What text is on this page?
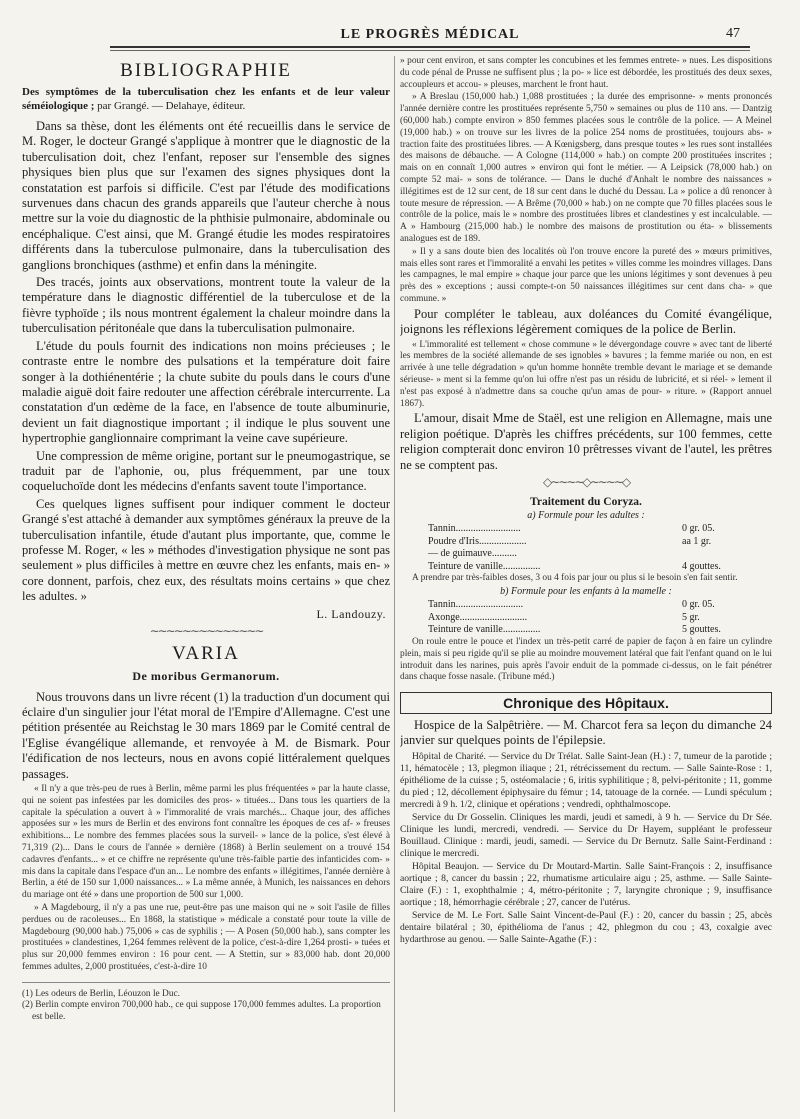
LE PROGRÈS MÉDICAL	47
BIBLIOGRAPHIE
Des symptômes de la tuberculisation chez les enfants et de leur valeur séméiologique ; par Grangé. — Delahaye, éditeur.
Dans sa thèse, dont les éléments ont été recueillis dans le service de M. Roger, le docteur Grangé s'applique à montrer que le diagnostic de la tuberculisation doit, chez l'enfant, reposer sur l'ensemble des signes physiques bien plus que sur l'examen des signes physiques dont la constatation est parfois si difficile. C'est par l'étude des modifications survenues dans chacun des grands appareils que l'auteur cherche à nous mettre sur la voie du diagnostic de la phthisie pulmonaire, abdominale ou encéphalique. C'est ainsi, que M. Grangé étudie les modes respiratoires différents dans la tuberculose pulmonaire, dans la tuberculisation des ganglions bronchiques (asthme) et enfin dans la méningite.
Des tracés, joints aux observations, montrent toute la valeur de la température dans le diagnostic différentiel de la tuberculose et de la fièvre typhoïde ; ils nous montrent également la chaleur moindre dans la tuberculisation péritonéale que dans la tuberculisation pulmonaire.
L'étude du pouls fournit des indications non moins précieuses ; le contraste entre le nombre des pulsations et la température doit faire songer à la dothiénentérie ; la chute subite du pouls dans le cours d'une maladie aiguë doit faire redouter une affection cérébrale intercurrente. La constatation d'un œdème de la face, en l'absence de toute albuminurie, devient un fait diagnostique important ; il indique le plus souvent une hypertrophie ganglionnaire comprimant la veine cave supérieure.
Une compression de même origine, portant sur le pneumogastrique, se traduit par de l'aphonie, ou, plus fréquemment, par une toux coqueluchoïde dont les médecins d'enfants savent toute l'importance.
Ces quelques lignes suffisent pour indiquer comment le docteur Grangé s'est attaché à demander aux symptômes généraux la preuve de la tuberculisation infantile, étude d'autant plus importante, que, comme le professe M. Roger, « les » méthodes d'investigation physique ne sont pas seulement » plus difficiles à mettre en œuvre chez les enfants, mais en- » core donnent, parfois, chez eux, des résultats moins certains » que chez les adultes. »
L. Landouzy.
∼∼∼∼∼∼∼∼∼∼∼∼∼∼
VARIA
De moribus Germanorum.
Nous trouvons dans un livre récent (1) la traduction d'un document qui éclaire d'un singulier jour l'état moral de l'Empire d'Allemagne. C'est une pétition présentée au Reichstag le 30 mars 1869 par le Comité central de l'Eglise évangélique allemande, et renvoyée à M. de Bismark. Pour l'édification de nos lecteurs, nous en avons copié littéralement quelques passages.
« Il n'y a que très-peu de rues à Berlin, même parmi les plus fréquentées » par la haute classe, qui ne soient pas infestées par les domiciles des pros- » tituées... Dans tous les quartiers de la capitale la spéculation a ouvert à » l'immoralité de vrais marchés... Chaque jour, des affiches apposées sur » les murs de Berlin et des environs font connaître les époques de ces af- » freuses exhibitions... Le nombre des femmes placées sous la surveil- » lance de la police, s'est élevé à 71,319 (2)... Dans le cours de l'année » dernière (1868) à Berlin seulement on a trouvé 154 cadavres d'enfants... » et ce chiffre ne représente qu'une très-faible partie des infanticides com- » mis dans la capitale dans l'espace d'un an... Le nombre des enfants » illégitimes, l'année dernière à Berlin, a été de 150 sur 1,000 naissances... » La même année, à Munich, les naissances en dehors du mariage ont été » dans une proportion de 500 sur 1,000.
» A Magdebourg, il n'y a pas une rue, peut-être pas une maison qui ne » soit l'asile de filles perdues ou de racoleuses... En 1868, la statistique » médicale a constaté pour toute la ville de Magdebourg (90,000 hab.) 75,006 » cas de syphilis ; — A Posen (50,000 hab.), sans compter les prostituées » clandestines, 1,264 femmes relèvent de la police, c'est-à-dire 1,264 prosti- » tuées et plus sur 20,000 femmes environ : 16 pour cent. — A Stettin, sur » 83,000 hab. dont 20,000 femmes adultes, 2,000 prostituées, c'est-à-dire 10
(1) Les odeurs de Berlin, Léouzon le Duc.
(2) Berlin compte environ 700,000 hab., ce qui suppose 170,000 femmes adultes. La proportion est belle.
» pour cent environ, et sans compter les concubines et les femmes entrete- » nues. Les dispositions du code pénal de Prusse ne suffisent plus ; la po- » lice est débordée, les prostitués des deux sexes, accoupleurs et accou- » pleuses, marchent le front haut.
» A Breslau (150,000 hab.) 1,088 prostituées ; la durée des emprisonne- » ments prononcés l'année dernière contre les prostituées représente 5,750 » semaines ou plus de 110 ans. — Dantzig (60,000 hab.) compte environ » 850 femmes placées sous le contrôle de la police. — A Meinel (19,000 hab.) » on trouve sur les livres de la police 254 noms de prostituées, toujours abs- » traction faite des prostituées libres. — A Kœnigsberg, dans presque toutes » les rues sont installées des maisons de débauche. — A Cologne (114,000 » hab.) on compte 200 prostituées inscrites ; mais on en connaît 1,000 autres » environ qui font le métier. — A Leipsick (78,000 hab.) on compte 52 mai- » sons de tolérance. — Dans le duché d'Anhalt le nombre des naissances » illégitimes est de 12 sur cent, de 18 sur cent dans le duché du Dessau. La » police a dû renoncer à toute mesure de répression. — A Brême (70,000 » hab.) on ne compte que 70 filles placées sous le contrôle de la police, mais le » nombre des prostituées libres et clandestines y est incalculable. — A » Hambourg (215,000 hab.) le nombre des maisons de prostitution ou éta- » blissements analogues est de 189.
» Il y a sans doute bien des localités où l'on trouve encore la pureté des » mœurs primitives, mais elles sont rares et l'immoralité a envahi les petites » villes comme les moindres villages. Dans les campagnes, le mal empire » chaque jour parce que les unions légitimes y sont devenues à peu près des » exceptions ; aussi compte-t-on 50 naissances illégitimes sur cent dans cha- » que commune. »
Pour compléter le tableau, aux doléances du Comité évangélique, joignons les réflexions légèrement comiques de la police de Berlin.
« L'immoralité est tellement « chose commune » le dévergondage couvre » avec tant de liberté les membres de la société allemande de ses ignobles » bavures ; la femme mariée ou non, en est arrivée à une telle dégradation » qu'un homme honnête tremble devant le mariage et se demande sérieuse- » ment si la femme qu'on lui offre n'est pas un résidu de lubricité, et si réel- » lement il n'est pas exposé à n'admettre dans sa couche qu'un amas de pour- » riture. » (Rapport annuel 1867).
L'amour, disait Mme de Staël, est une religion en Allemagne, mais une religion poétique. D'après les chiffres précédents, sur 100 femmes, cette religion compterait donc environ 10 prêtresses vivant de l'autel, les prêtres ne se comptent pas.
◇∼∼∼∼◇∼∼∼∼◇
Traitement du Coryza.
a) Formule pour les adultes :
Tannin..........................	0 gr. 05.
Poudre d'Iris...................	aa 1 gr.
— de guimauve..........
Teinture de vanille...............	4 gouttes.
A prendre par très-faibles doses, 3 ou 4 fois par jour ou plus si le besoin s'en fait sentir.
b) Formule pour les enfants à la mamelle :
Tannin...........................	0 gr. 05.
Axonge...........................	5 gr.
Teinture de vanille...............	5 gouttes.
On roule entre le pouce et l'index un très-petit carré de papier de façon à en faire un cylindre plein, mais si peu rigide qu'il se plie au moindre mouvement latéral que fait l'enfant quand on le lui introduit dans les narines, puis après l'avoir enduit de la pommade ci-dessus, on le fait pénétrer dans chaque fosse nasale. (Tribune méd.)
Chronique des Hôpitaux.
Hospice de la Salpêtrière. — M. Charcot fera sa leçon du dimanche 24 janvier sur quelques points de l'épilepsie.
Hôpital de Charité. — Service du Dr Trélat. Salle Saint-Jean (H.) : 7, tumeur de la parotide ; 11, hématocèle ; 13, plegmon iliaque ; 21, rétrécissement du rectum. — Salle Sainte-Rose : 1, épithéliome de la cuisse ; 5, ostéomalacie ; 6, iritis syphilitique ; 8, pelvi-péritonite ; 11, gomme du pied ; 12, décollement épiphysaire du fémur ; 14, tatouage de la cornée. — Lundi spéculum ; mercredi à 9 h. 1/2, clinique et opérations ; vendredi, ophthalmoscope.
Service du Dr Gosselin. Cliniques les mardi, jeudi et samedi, à 9 h. — Service du Dr Sée. Clinique les lundi, mercredi, vendredi. — Service du Dr Hayem, suppléant le professeur Bouillaud. Clinique : mardi, jeudi, samedi. — Service du Dr Bernutz. Salle Saint-Ferdinand : clinique le mercredi.
Hôpital Beaujon. — Service du Dr Moutard-Martin. Salle Saint-François : 2, insuffisance aortique ; 8, cancer du bassin ; 22, rhumatisme articulaire aigu ; 25, asthme. — Salle Sainte-Claire (F.) : 1, exophthalmie ; 4, métro-péritonite ; 7, laryngite chronique ; 9, insuffisance aortique ; 18, hémorrhagie cérébrale ; 27, cancer de l'utérus.
Service de M. Le Fort. Salle Saint Vincent-de-Paul (F.) : 20, cancer du bassin ; 25, abcès dentaire bilatéral ; 30, épithélioma de l'anus ; 42, phlegmon du cou ; 43, coxalgie avec hydarthrose au genou. — Salle Sainte-Agathe (F.) :
